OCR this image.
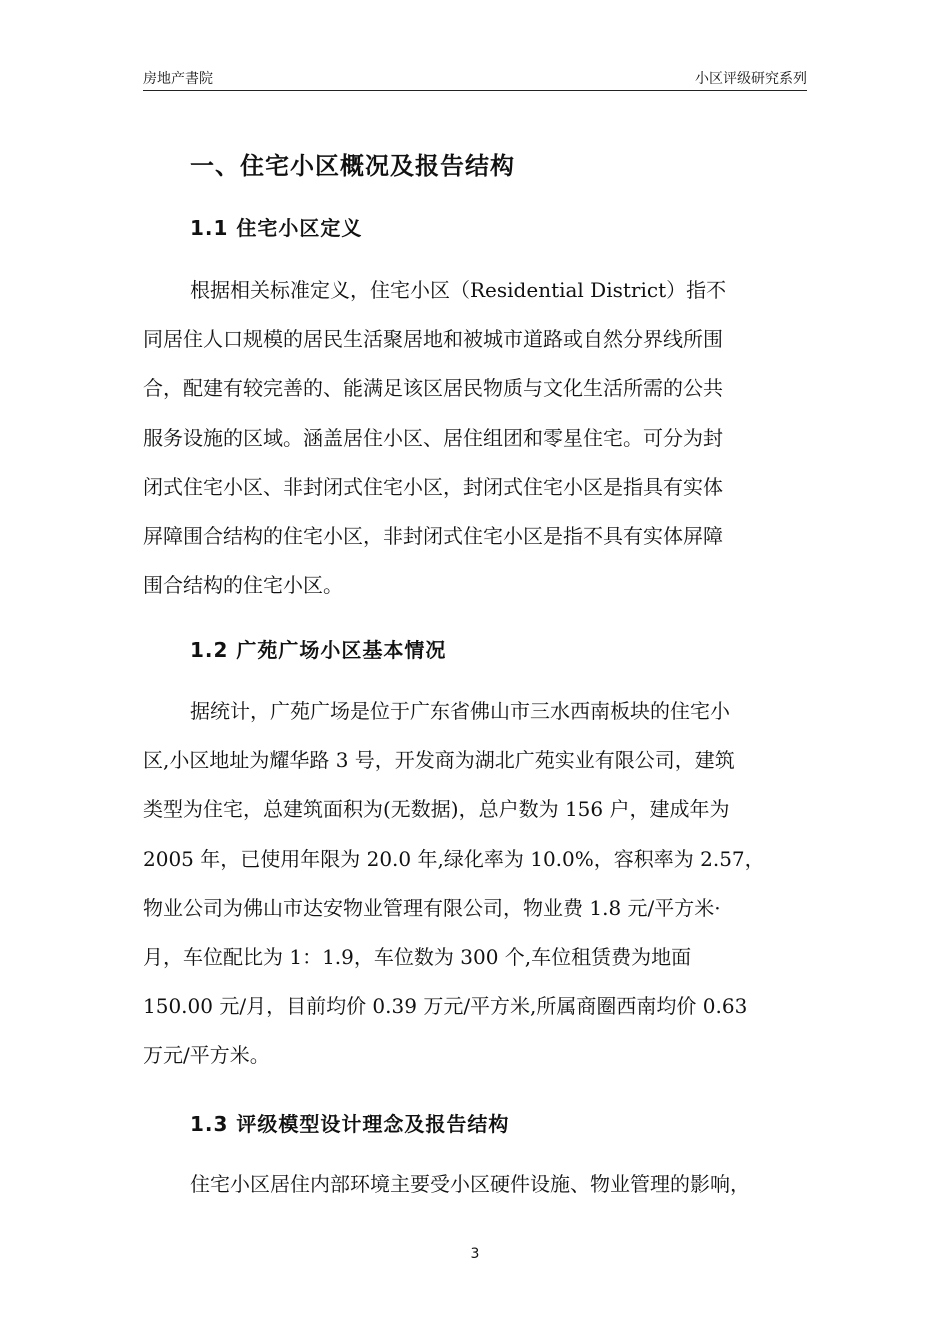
房地产書院	小区评级研究系列
一、住宅小区概况及报告结构
1.1 住宅小区定义
根据相关标准定义，住宅小区（Residential District）指不
同居住人口规模的居民生活聚居地和被城市道路或自然分界线所围
合，配建有较完善的、能满足该区居民物质与文化生活所需的公共
服务设施的区域。涵盖居住小区、居住组团和零星住宅。可分为封
闭式住宅小区、非封闭式住宅小区，封闭式住宅小区是指具有实体
屏障围合结构的住宅小区，非封闭式住宅小区是指不具有实体屏障
围合结构的住宅小区。
1.2 广苑广场小区基本情况
据统计，广苑广场是位于广东省佛山市三水西南板块的住宅小
区,小区地址为耀华路 3 号，开发商为湖北广苑实业有限公司，建筑
类型为住宅，总建筑面积为(无数据)，总户数为 156 户，建成年为
2005 年，已使用年限为 20.0 年,绿化率为 10.0%，容积率为 2.57，
物业公司为佛山市达安物业管理有限公司，物业费 1.8 元/平方米·
月，车位配比为 1：1.9，车位数为 300 个,车位租赁费为地面
150.00 元/月，目前均价 0.39 万元/平方米,所属商圈西南均价 0.63
万元/平方米。
1.3 评级模型设计理念及报告结构
住宅小区居住内部环境主要受小区硬件设施、物业管理的影响，
3
